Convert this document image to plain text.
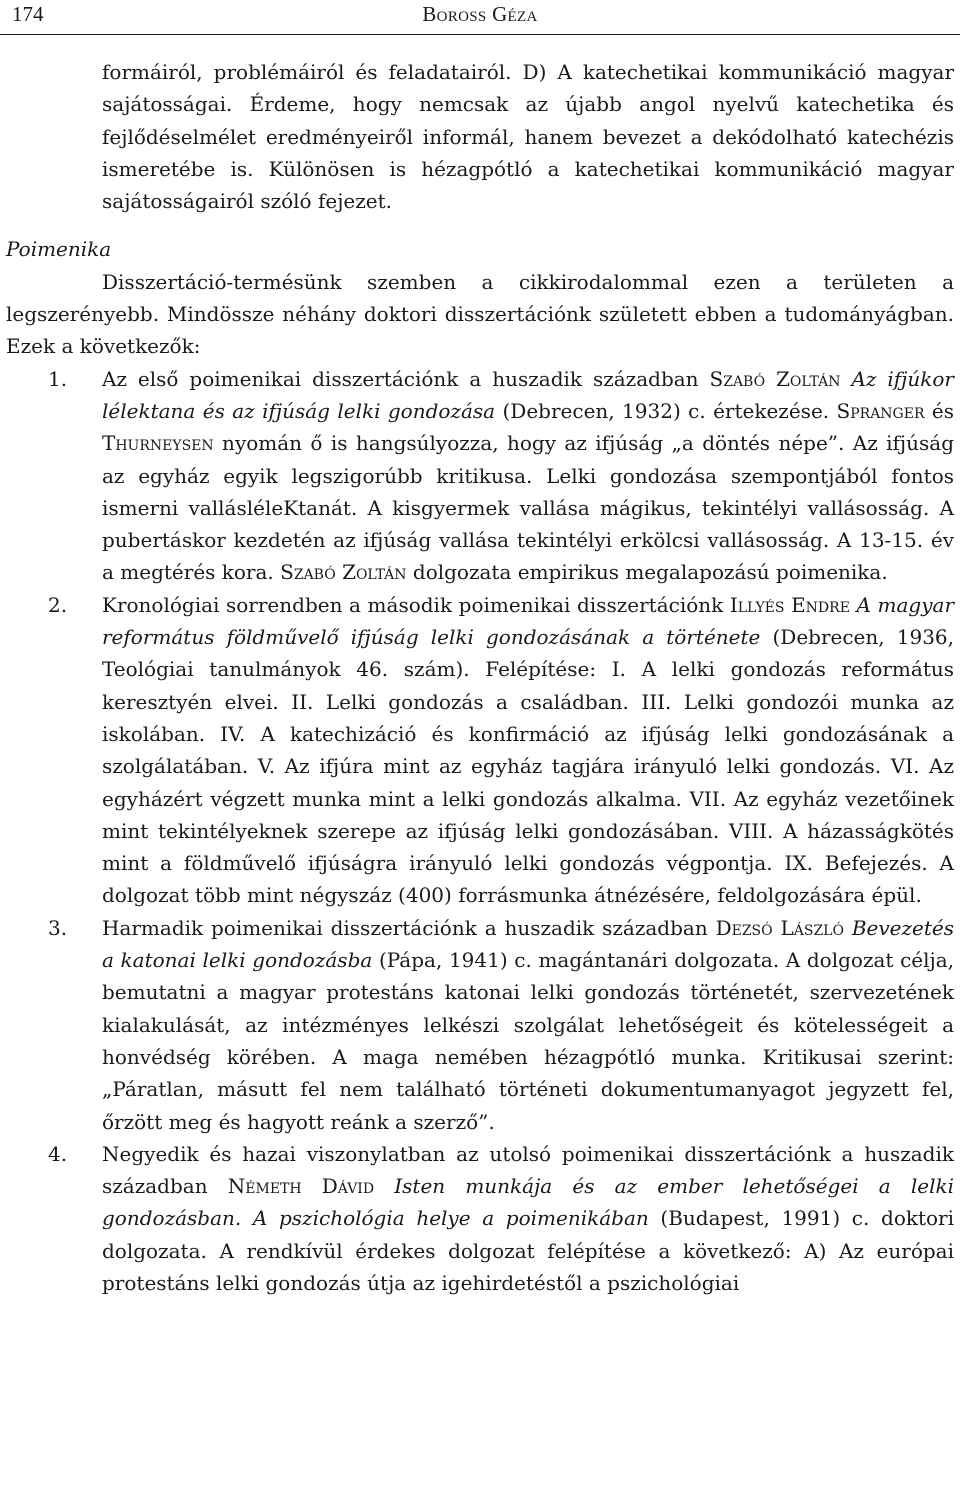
174	Boross Géza

formáiról, problémáiról és feladatairól. D) A katechetikai kommunikáció magyar sajátosságai. Érdeme, hogy nemcsak az újabb angol nyelvű katechetika és fejlődéselmélet eredményeiről informál, hanem bevezet a dekódolható katechézis ismeretébe is. Különösen is hézagpótló a katechetikai kommunikáció magyar sajátosságairól szóló fejezet.

Poimenika

Disszertáció-termésünk szemben a cikkirodalommal ezen a területen a legszerényebb. Mindössze néhány doktori disszertációnk született ebben a tudományágban. Ezek a következők:

1. Az első poimenikai disszertációnk a huszadik században Szabó Zoltán Az ifjúkor lélektana és az ifjúság lelki gondozása (Debrecen, 1932) c. értekezése. Spranger és Thurneysen nyomán ő is hangsúlyozza, hogy az ifjúság „a döntés népe”. Az ifjúság az egyház egyik legszigorúbb kritikusa. Lelki gondozása szempontjából fontos ismerni vallásléleKtanát. A kisgyermek vallása mágikus, tekintélyi vallásosság. A pubertáskor kezdetén az ifjúság vallása tekintélyi erkölcsi vallásosság. A 13-15. év a megtérés kora. Szabó Zoltán dolgozata empirikus megalapozású poimenika.
2. Kronológiai sorrendben a második poimenikai disszertációnk Illyés Endre A magyar református földművelő ifjúság lelki gondozásának a története (Debrecen, 1936, Teológiai tanulmányok 46. szám). Felépítése: I. A lelki gondozás református keresztyén elvei. II. Lelki gondozás a családban. III. Lelki gondozói munka az iskolában. IV. A katechizáció és konfirmáció az ifjúság lelki gondozásának a szolgálatában. V. Az ifjúra mint az egyház tagjára irányuló lelki gondozás. VI. Az egyházért végzett munka mint a lelki gondozás alkalma. VII. Az egyház vezetőinek mint tekintélyeknek szerepe az ifjúság lelki gondozásában. VIII. A házasságkötés mint a földművelő ifjúságra irányuló lelki gondozás végpontja. IX. Befejezés. A dolgozat több mint négyszáz (400) forrásmunka átnézésére, feldolgozására épül.
3. Harmadik poimenikai disszertációnk a huszadik században Dezsó László Bevezetés a katonai lelki gondozásba (Pápa, 1941) c. magántanári dolgozata. A dolgozat célja, bemutatni a magyar protestáns katonai lelki gondozás történetét, szervezetének kialakulását, az intézményes lelkészi szolgálat lehetőségeit és kötelességeit a honvédség körében. A maga nemében hézagpótló munka. Kritikusai szerint: „Páratlan, másutt fel nem található történeti dokumentumanyagot jegyzett fel, őrzött meg és hagyott reánk a szerző”.
4. Negyedik és hazai viszonylatban az utolsó poimenikai disszertációnk a huszadik században Németh Dávid Isten munkája és az ember lehetőségei a lelki gondozásban. A pszichológia helye a poimenikában (Budapest, 1991) c. doktori dolgozata. A rendkívül érdekes dolgozat felépítése a következő: A) Az európai protestáns lelki gondozás útja az igehirdetéstől a pszichológiai
